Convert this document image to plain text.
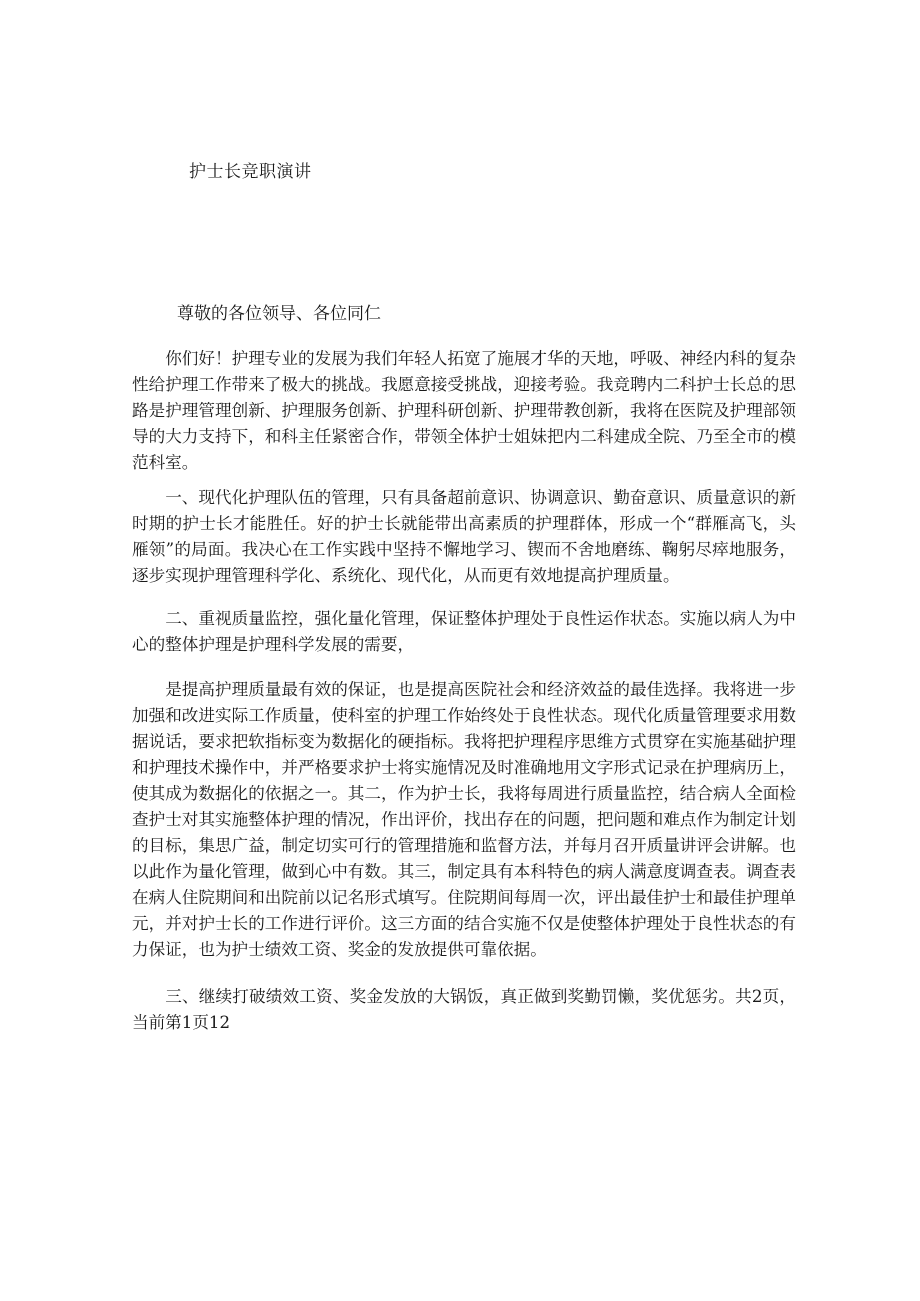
护士长竞职演讲

尊敬的各位领导、各位同仁

你们好！护理专业的发展为我们年轻人拓宽了施展才华的天地，呼吸、神经内科的复杂性给护理工作带来了极大的挑战。我愿意接受挑战，迎接考验。我竞聘内二科护士长总的思路是护理管理创新、护理服务创新、护理科研创新、护理带教创新，我将在医院及护理部领导的大力支持下，和科主任紧密合作，带领全体护士姐妹把内二科建成全院、乃至全市的模范科室。

一、现代化护理队伍的管理，只有具备超前意识、协调意识、勤奋意识、质量意识的新时期的护士长才能胜任。好的护士长就能带出高素质的护理群体，形成一个“群雁高飞，头雁领”的局面。我决心在工作实践中坚持不懈地学习、锲而不舍地磨练、鞠躬尽瘁地服务，逐步实现护理管理科学化、系统化、现代化，从而更有效地提高护理质量。

二、重视质量监控，强化量化管理，保证整体护理处于良性运作状态。实施以病人为中心的整体护理是护理科学发展的需要，

是提高护理质量最有效的保证，也是提高医院社会和经济效益的最佳选择。我将进一步加强和改进实际工作质量，使科室的护理工作始终处于良性状态。现代化质量管理要求用数据说话，要求把软指标变为数据化的硬指标。我将把护理程序思维方式贯穿在实施基础护理和护理技术操作中，并严格要求护士将实施情况及时准确地用文字形式记录在护理病历上，使其成为数据化的依据之一。其二，作为护士长，我将每周进行质量监控，结合病人全面检查护士对其实施整体护理的情况，作出评价，找出存在的问题，把问题和难点作为制定计划的目标，集思广益，制定切实可行的管理措施和监督方法，并每月召开质量讲评会讲解。也以此作为量化管理，做到心中有数。其三，制定具有本科特色的病人满意度调查表。调查表在病人住院期间和出院前以记名形式填写。住院期间每周一次，评出最佳护士和最佳护理单元，并对护士长的工作进行评价。这三方面的结合实施不仅是使整体护理处于良性状态的有力保证，也为护士绩效工资、奖金的发放提供可靠依据。

三、继续打破绩效工资、奖金发放的大锅饭，真正做到奖勤罚懒，奖优惩劣。共2页，当前第1页12
